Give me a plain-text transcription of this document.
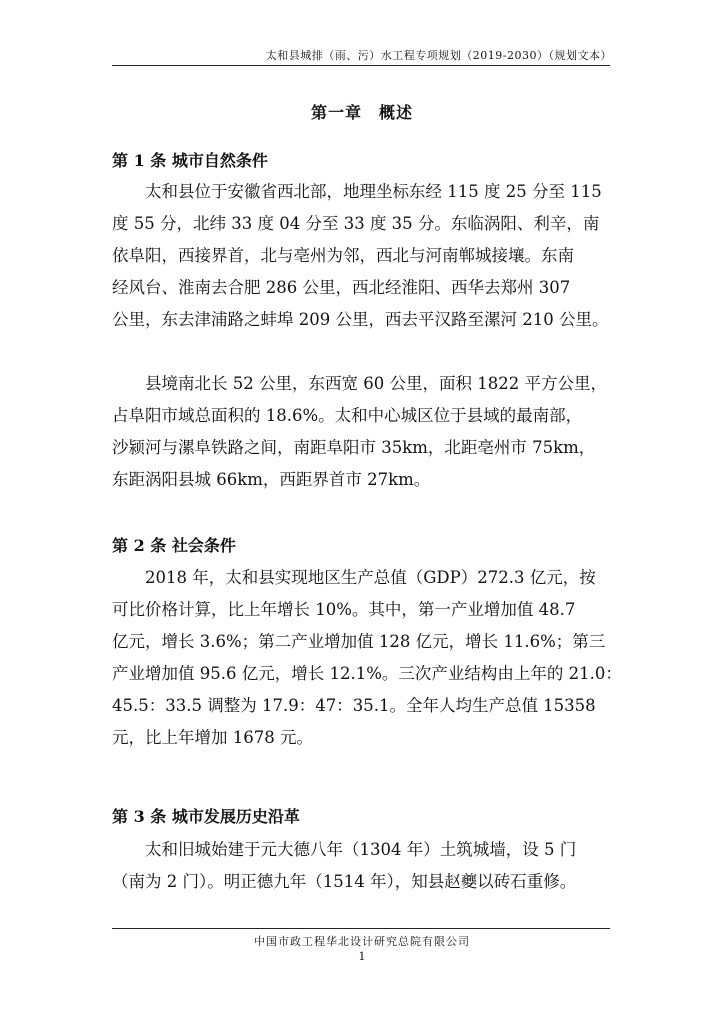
太和县城排（雨、污）水工程专项规划（2019-2030）（规划文本）
第一章　概述
第 1 条 城市自然条件
太和县位于安徽省西北部，地理坐标东经 115 度 25 分至 115
度 55 分，北纬 33 度 04 分至 33 度 35 分。东临涡阳、利辛，南
依阜阳，西接界首，北与亳州为邻，西北与河南郸城接壤。东南
经风台、淮南去合肥 286 公里，西北经淮阳、西华去郑州 307
公里，东去津浦路之蚌埠 209 公里，西去平汉路至漯河 210 公里。
县境南北长 52 公里，东西宽 60 公里，面积 1822 平方公里，
占阜阳市域总面积的 18.6%。太和中心城区位于县域的最南部，
沙颍河与漯阜铁路之间，南距阜阳市 35km，北距亳州市 75km，
东距涡阳县城 66km，西距界首市 27km。
第 2 条 社会条件
2018 年，太和县实现地区生产总值（GDP）272.3 亿元，按
可比价格计算，比上年增长 10%。其中，第一产业增加值 48.7
亿元，增长 3.6%；第二产业增加值 128 亿元，增长 11.6%；第三
产业增加值 95.6 亿元，增长 12.1%。三次产业结构由上年的 21.0：
45.5：33.5 调整为 17.9：47：35.1。全年人均生产总值 15358
元，比上年增加 1678 元。
第 3 条 城市发展历史沿革
太和旧城始建于元大德八年（1304 年）土筑城墙，设 5 门
（南为 2 门）。明正德九年（1514 年），知县赵夔以砖石重修。
中国市政工程华北设计研究总院有限公司
1
